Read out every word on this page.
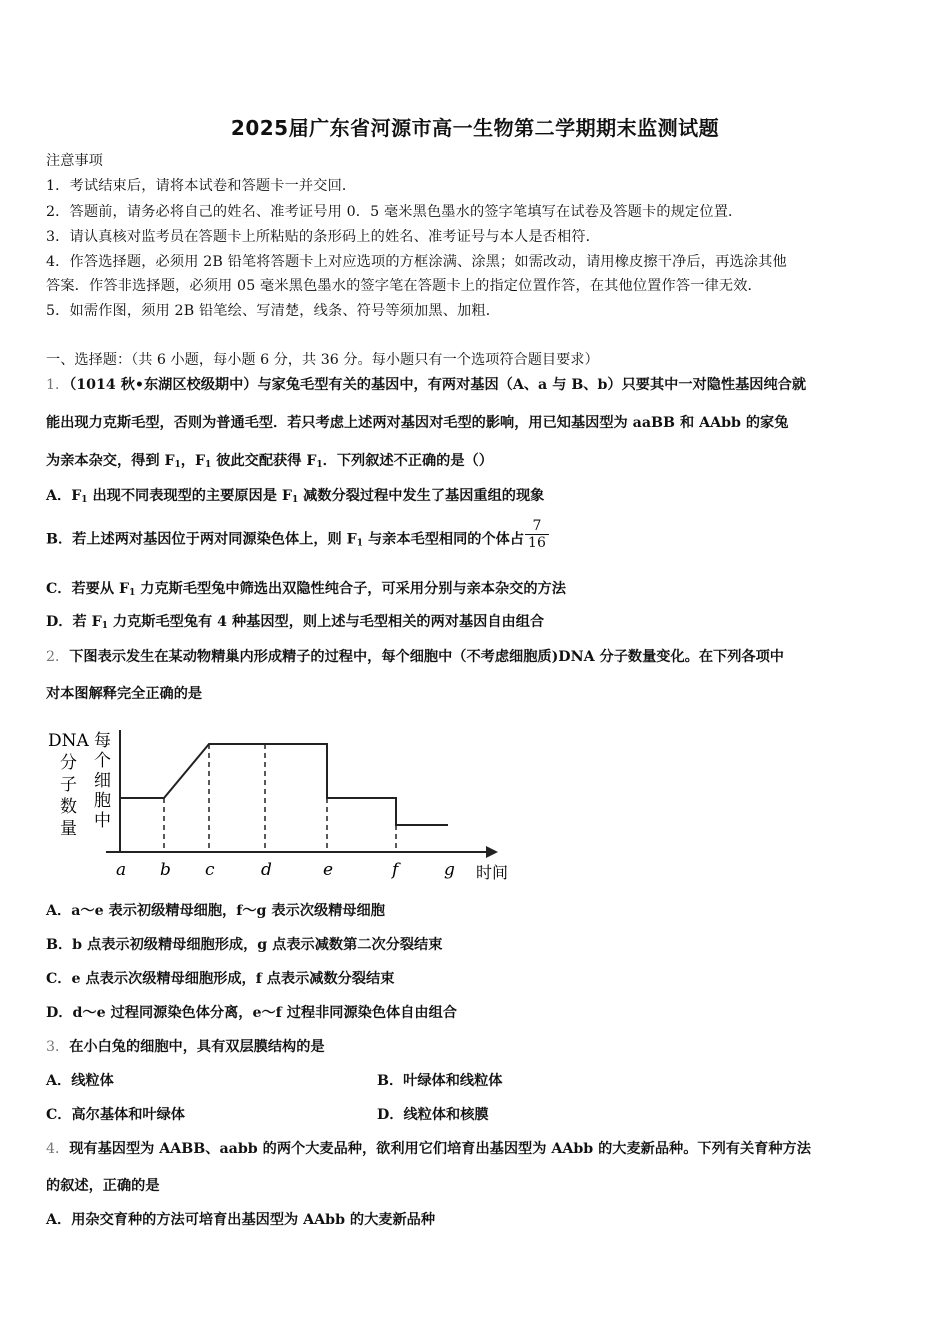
2025届广东省河源市高一生物第二学期期末监测试题
注意事项
1．考试结束后，请将本试卷和答题卡一并交回．
2．答题前，请务必将自己的姓名、准考证号用 0．5 毫米黑色墨水的签字笔填写在试卷及答题卡的规定位置．
3．请认真核对监考员在答题卡上所粘贴的条形码上的姓名、准考证号与本人是否相符．
4．作答选择题，必须用 2B 铅笔将答题卡上对应选项的方框涂满、涂黑；如需改动，请用橡皮擦干净后，再选涂其他
答案．作答非选择题，必须用 05 毫米黑色墨水的签字笔在答题卡上的指定位置作答，在其他位置作答一律无效．
5．如需作图，须用 2B 铅笔绘、写清楚，线条、符号等须加黑、加粗．
一、选择题：（共 6 小题，每小题 6 分，共 36 分。每小题只有一个选项符合题目要求）
1．（1014 秋•东湖区校级期中）与家兔毛型有关的基因中，有两对基因（A、a 与 B、b）只要其中一对隐性基因纯合就
能出现力克斯毛型，否则为普通毛型．若只考虑上述两对基因对毛型的影响，用已知基因型为 aaBB 和 AAbb 的家兔
为亲本杂交，得到 $F_1$，$F_1$ 彼此交配获得 $F_1$．下列叙述不正确的是（）
A．$F_1$ 出现不同表现型的主要原因是 $F_1$ 减数分裂过程中发生了基因重组的现象
B．若上述两对基因位于两对同源染色体上，则 $F_1$ 与亲本毛型相同的个体占 $\frac{7}{16}$
C．若要从 $F_1$ 力克斯毛型兔中筛选出双隐性纯合子，可采用分别与亲本杂交的方法
D．若 $F_1$ 力克斯毛型兔有 4 种基因型，则上述与毛型相关的两对基因自由组合
2．下图表示发生在某动物精巢内形成精子的过程中，每个细胞中（不考虑细胞质)DNA 分子数量变化。在下列各项中
对本图解释完全正确的是
DNA
分
子
数
量
每
个
细
胞
中
a b c	d	e	f	g 时间
A．a～e 表示初级精母细胞，f～g 表示次级精母细胞
B．b 点表示初级精母细胞形成，g 点表示减数第二次分裂结束
C．e 点表示次级精母细胞形成，f 点表示减数分裂结束
D．d～e 过程同源染色体分离，e～f 过程非同源染色体自由组合
3．在小白兔的细胞中，具有双层膜结构的是
A．线粒体	B．叶绿体和线粒体
C．高尔基体和叶绿体	D．线粒体和核膜
4．现有基因型为 AABB、aabb 的两个大麦品种，欲利用它们培育出基因型为 AAbb 的大麦新品种。下列有关育种方法
的叙述，正确的是
A．用杂交育种的方法可培育出基因型为 AAbb 的大麦新品种
